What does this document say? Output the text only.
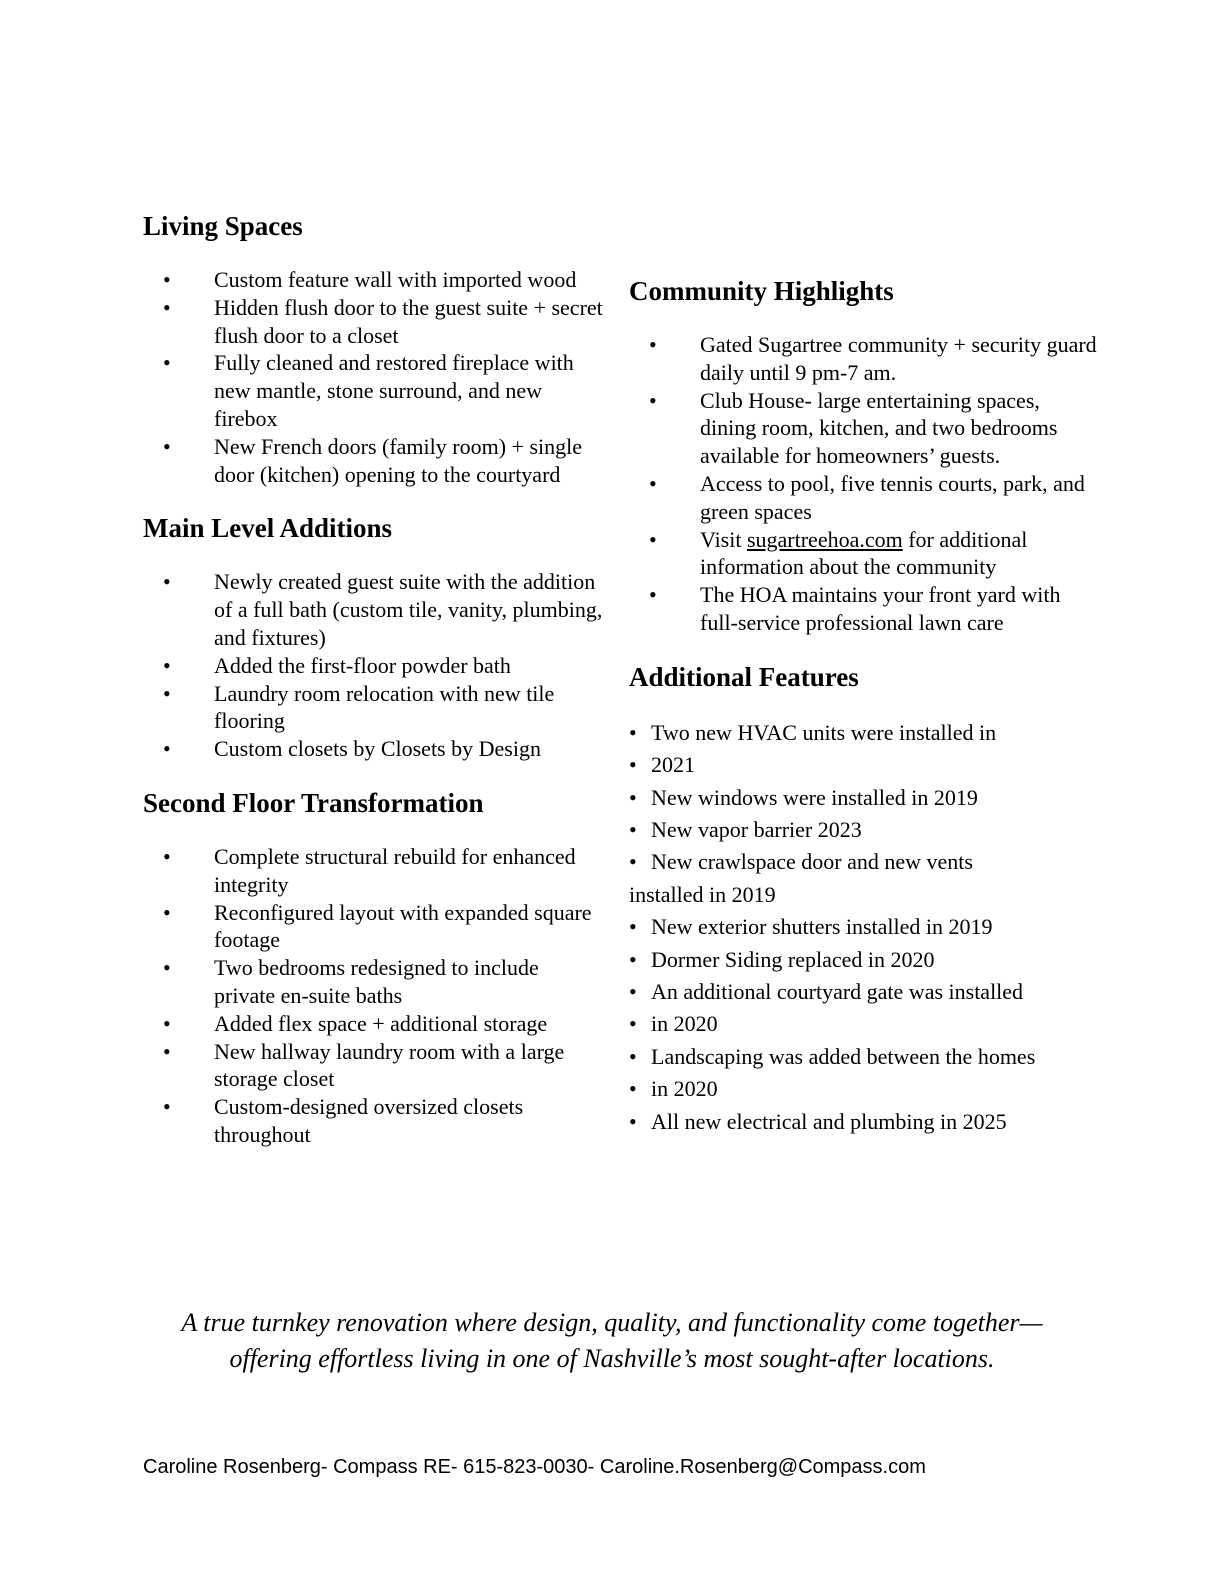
Living Spaces
• Custom feature wall with imported wood
• Hidden flush door to the guest suite + secret flush door to a closet
• Fully cleaned and restored fireplace with new mantle, stone surround, and new firebox
• New French doors (family room) + single door (kitchen) opening to the courtyard
Main Level Additions
• Newly created guest suite with the addition of a full bath (custom tile, vanity, plumbing, and fixtures)
• Added the first-floor powder bath
• Laundry room relocation with new tile flooring
• Custom closets by Closets by Design
Second Floor Transformation
• Complete structural rebuild for enhanced integrity
• Reconfigured layout with expanded square footage
• Two bedrooms redesigned to include private en-suite baths
• Added flex space + additional storage
• New hallway laundry room with a large storage closet
• Custom-designed oversized closets throughout
Community Highlights
• Gated Sugartree community + security guard daily until 9 pm-7 am.
• Club House- large entertaining spaces, dining room, kitchen, and two bedrooms available for homeowners’ guests.
• Access to pool, five tennis courts, park, and green spaces
• Visit sugartreehoa.com for additional information about the community
• The HOA maintains your front yard with full-service professional lawn care
Additional Features
• Two new HVAC units were installed in
• 2021
• New windows were installed in 2019
• New vapor barrier 2023
• New crawlspace door and new vents
installed in 2019
• New exterior shutters installed in 2019
• Dormer Siding replaced in 2020
• An additional courtyard gate was installed
• in 2020
• Landscaping was added between the homes
• in 2020
• All new electrical and plumbing in 2025
A true turnkey renovation where design, quality, and functionality come together—
offering effortless living in one of Nashville’s most sought-after locations.
Caroline Rosenberg- Compass RE- 615-823-0030- Caroline.Rosenberg@Compass.com
